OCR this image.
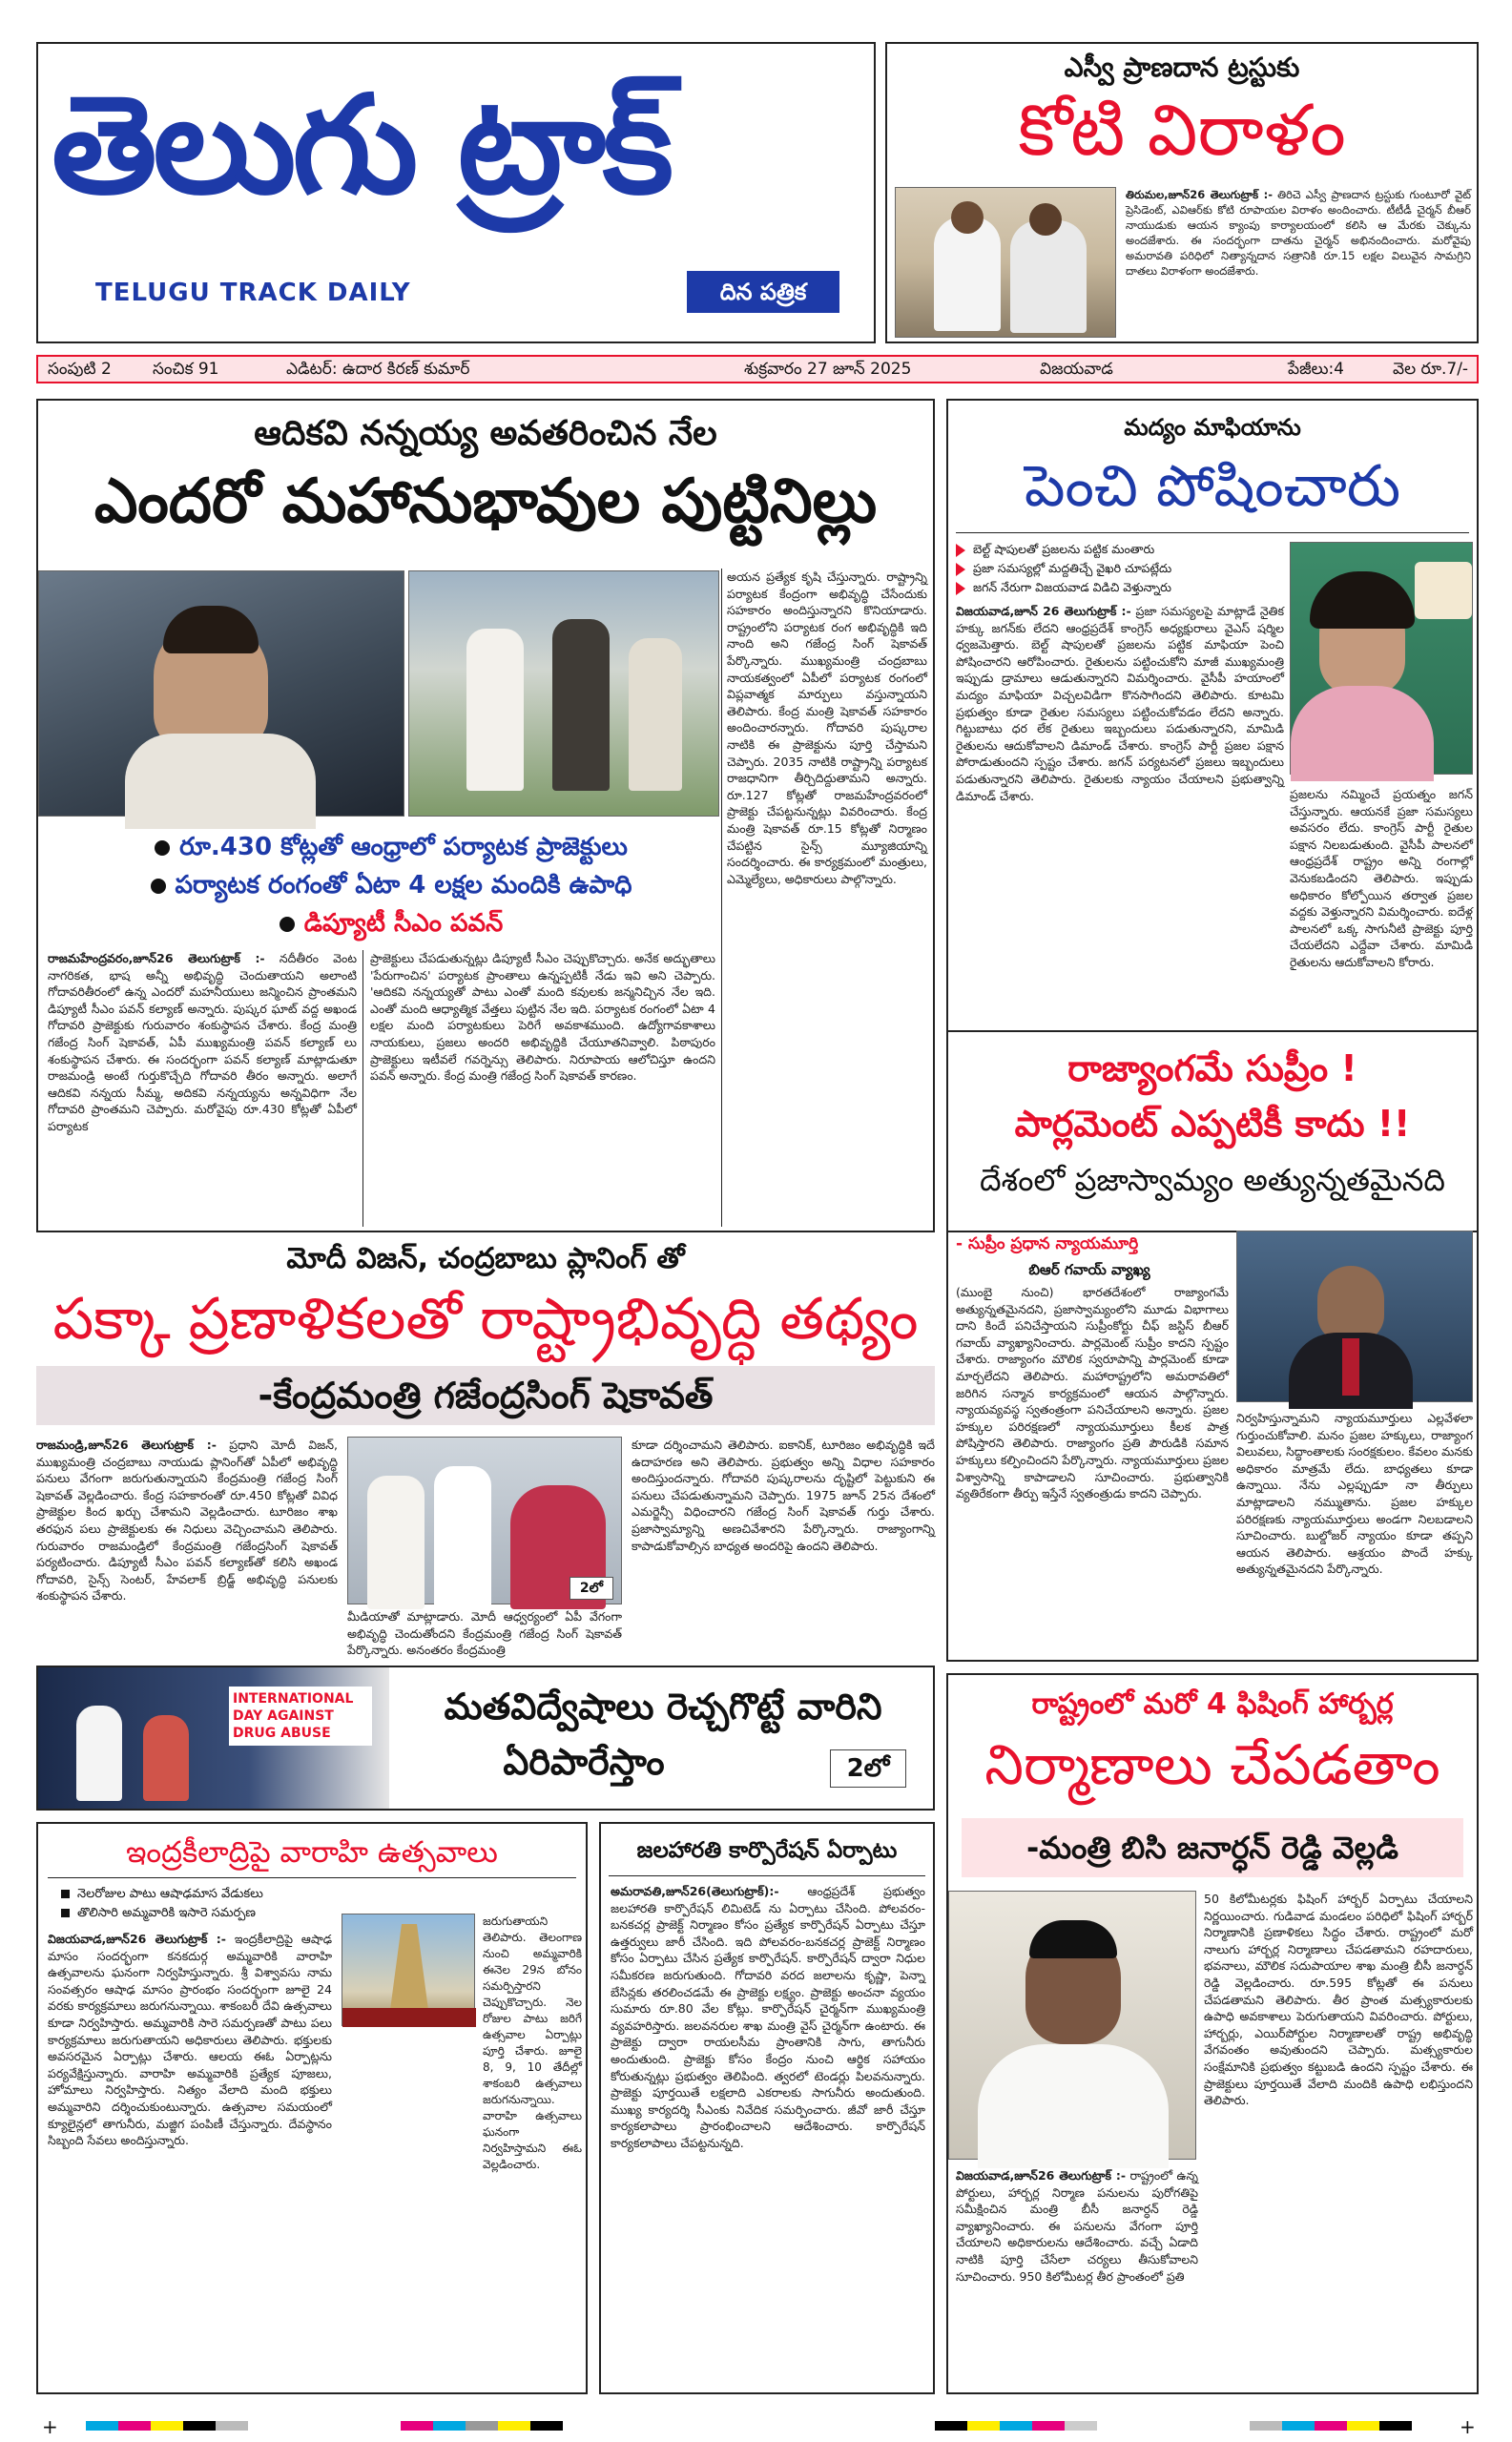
తెలుగు ట్రాక్
TELUGU TRACK DAILY	దిన పత్రిక
ఎస్వీ ప్రాణదాన ట్రస్టుకు
కోటి విరాళం
తిరుమల,జూన్26 తెలుగుట్రాక్ :- తిరిచె ఎస్వీ ప్రాణదాన ట్రస్టుకు గుంటూరో వైట్ ప్రెసిడెంట్, ఎవిఆర్‌కు కోటి రూపాయల విరాళం అందించారు. టీటీడీ చైర్మన్ బీఆర్ నాయుడుకు ఆయన క్యాంపు కార్యాలయంలో కలిసి ఆ మేరకు చెక్కును అందజేశారు. ఈ సందర్భంగా దాతను చైర్మన్ అభినందించారు. మరోవైపు అమరావతి పరిధిలో నిత్యాన్నదాన సత్రానికి రూ.15 లక్షల విలువైన సామగ్రిని దాతలు విరాళంగా అందజేశారు.
సంపుటి 2	సంచిక 91	ఎడిటర్: ఉదార కిరణ్ కుమార్	శుక్రవారం 27 జూన్ 2025	విజయవాడ	పేజీలు:4	వెల రూ.7/-
ఆదికవి నన్నయ్య అవతరించిన నేల
ఎందరో మహానుభావుల పుట్టినిల్లు
రూ.430 కోట్లతో ఆంధ్రాలో పర్యాటక ప్రాజెక్టులు
పర్యాటక రంగంతో ఏటా 4 లక్షల మందికి ఉపాధి
డిప్యూటీ సీఎం పవన్
రాజమహేంద్రవరం,జూన్26 తెలుగుట్రాక్ :- నదీతీరం వెంట నాగరికత, భాష అన్నీ అభివృద్ధి చెందుతాయని అలాంటి గోదావరితీరంలో ఉన్న ఎందరో మహనీయులు జన్మించిన ప్రాంతమని డిప్యూటీ సీఎం పవన్ కల్యాణ్ అన్నారు. పుష్కర ఘాట్ వద్ద అఖండ గోదావరి ప్రాజెక్టుకు గురువారం శంకుస్థాపన చేశారు. కేంద్ర మంత్రి గజేంద్ర సింగ్ షెకావత్, ఏపీ ముఖ్యమంత్రి పవన్ కల్యాణ్ లు శంకుస్థాపన చేశారు. ఈ సందర్భంగా పవన్ కల్యాణ్ మాట్లాడుతూ రాజమండ్రి అంటే గుర్తుకొచ్చేది గోదావరి తీరం అన్నారు. అలాగే ఆదికవి నన్నయ సీమ్మ, అదికవి నన్నయ్యను అన్నవిధిగా నేల గోదావరి ప్రాంతమని చెప్పారు. మరోవైపు రూ.430 కోట్లతో ఏపీలో పర్యాటక
ప్రాజెక్టులు చేపడుతున్నట్లు డిప్యూటీ సీఎం చెప్పుకొచ్చారు. అనేక అద్భుతాలు 'పేరుగాంచిన' పర్యాటక ప్రాంతాలు ఉన్నప్పటికీ నేడు ఇవి అని చెప్పారు. 'ఆదికవి నన్నయ్యతో పాటు ఎంతో మంది కవులకు జన్మనిచ్చిన నేల ఇది. ఎంతో మంది ఆధ్యాత్మిక వేత్తలు పుట్టిన నేల ఇది. పర్యాటక రంగంలో ఏటా 4 లక్షల మంది పర్యాటకులు పెరిగే అవకాశముంది. ఉద్యోగావకాశాలు నాయకులు, ప్రజలు అందరి అభివృద్ధికి చేయూతనివ్వాలి. పిఠాపురం ప్రాజెక్టులు ఇటీవలే గవర్నెన్సు తెలిపారు. నిరూపాయ ఆలోచిస్తూ ఉందని పవన్ అన్నారు. కేంద్ర మంత్రి గజేంద్ర సింగ్ షెకావత్ కారణం.
అయన ప్రత్యేక కృషి చేస్తున్నారు. రాష్ట్రాన్ని పర్యాటక కేంద్రంగా అభివృద్ధి చేసేందుకు సహకారం అందిస్తున్నారని కొనియాడారు. రాష్ట్రంలోని పర్యాటక రంగ అభివృద్ధికి ఇది నాంది అని గజేంద్ర సింగ్ షెకావత్ పేర్కొన్నారు. ముఖ్యమంత్రి చంద్రబాబు నాయకత్వంలో ఏపీలో పర్యాటక రంగంలో విప్లవాత్మక మార్పులు వస్తున్నాయని తెలిపారు. కేంద్ర మంత్రి షెకావత్ సహకారం అందించారన్నారు. గోదావరి పుష్కరాల నాటికి ఈ ప్రాజెక్టును పూర్తి చేస్తామని చెప్పారు. 2035 నాటికి రాష్ట్రాన్ని పర్యాటక రాజధానిగా తీర్చిదిద్దుతామని అన్నారు. రూ.127 కోట్లతో రాజమహేంద్రవరంలో ప్రాజెక్టు చేపట్టనున్నట్లు వివరించారు. కేంద్ర మంత్రి షెకావత్ రూ.15 కోట్లతో నిర్మాణం చేపట్టిన సైన్స్ మ్యూజియాన్ని సందర్శించారు. ఈ కార్యక్రమంలో మంత్రులు, ఎమ్మెల్యేలు, అధికారులు పాల్గొన్నారు.
మోదీ విజన్, చంద్రబాబు ప్లానింగ్ తో
పక్కా ప్రణాళికలతో రాష్ట్రాభివృద్ధి తథ్యం
-కేంద్రమంత్రి గజేంద్రసింగ్ షెకావత్
రాజమండ్రి,జూన్26 తెలుగుట్రాక్ :- ప్రధాని మోదీ విజన్, ముఖ్యమంత్రి చంద్రబాబు నాయుడు ప్లానింగ్‌తో ఏపీలో అభివృద్ధి పనులు వేగంగా జరుగుతున్నాయని కేంద్రమంత్రి గజేంద్ర సింగ్ షెకావత్ వెల్లడించారు. కేంద్ర సహకారంతో రూ.450 కోట్లతో వివిధ ప్రాజెక్టుల కింద ఖర్చు చేశామని వెల్లడించారు. టూరిజం శాఖ తరఫున పలు ప్రాజెక్టులకు ఈ నిధులు వెచ్చించామని తెలిపారు. గురువారం రాజమండ్రిలో కేంద్రమంత్రి గజేంద్రసింగ్ షెకావత్ పర్యటించారు. డిప్యూటీ సీఎం పవన్ కల్యాణ్‌తో కలిసి అఖండ గోదావరి, సైన్స్ సెంటర్, హేవలాక్ బ్రిడ్జ్ అభివృద్ధి పనులకు శంకుస్థాపన చేశారు.	2లో
మీడియాతో మాట్లాడారు. మోదీ ఆధ్వర్యంలో ఏపీ వేగంగా అభివృద్ధి చెందుతోందని కేంద్రమంత్రి గజేంద్ర సింగ్ షెకావత్ పేర్కొన్నారు. అనంతరం కేంద్రమంత్రి
కూడా దర్శించామని తెలిపారు. ఐకానిక్, టూరిజం అభివృద్ధికి ఇదే ఉదాహరణ అని తెలిపారు. ప్రభుత్వం అన్ని విధాల సహకారం అందిస్తుందన్నారు. గోదావరి పుష్కరాలను దృష్టిలో పెట్టుకుని ఈ పనులు చేపడుతున్నామని చెప్పారు. 1975 జూన్ 25న దేశంలో ఎమర్జెన్సీ విధించారని గజేంద్ర సింగ్ షెకావత్ గుర్తు చేశారు. ప్రజాస్వామ్యాన్ని అణచివేశారని పేర్కొన్నారు. రాజ్యాంగాన్ని కాపాడుకోవాల్సిన బాధ్యత అందరిపై ఉందని తెలిపారు.
INTERNATIONAL DAY AGAINST DRUG ABUSE
మతవిద్వేషాలు రెచ్చగొట్టే వారిని
ఏరిపారేస్తాం	2లో
ఇంద్రకీలాద్రిపై వారాహి ఉత్సవాలు
నెలరోజుల పాటు ఆషాఢమాస వేడుకలు
తొలిసారి అమ్మవారికి ఇసారె సమర్పణ
విజయవాడ,జూన్26 తెలుగుట్రాక్ :- ఇంద్రకీలాద్రిపై ఆషాఢ మాసం సందర్భంగా కనకదుర్గ అమ్మవారికి వారాహి ఉత్సవాలను ఘనంగా నిర్వహిస్తున్నారు. శ్రీ విశ్వావసు నామ సంవత్సరం ఆషాఢ మాసం ప్రారంభం సందర్భంగా జూలై 24 వరకు కార్యక్రమాలు జరుగనున్నాయి. శాకంబరీ దేవి ఉత్సవాలు కూడా నిర్వహిస్తారు. అమ్మవారికి సారె సమర్పణతో పాటు పలు కార్యక్రమాలు జరుగుతాయని అధికారులు తెలిపారు. భక్తులకు అవసరమైన ఏర్పాట్లు చేశారు. ఆలయ ఈఓ ఏర్పాట్లను పర్యవేక్షిస్తున్నారు. వారాహి అమ్మవారికి ప్రత్యేక పూజలు, హోమాలు నిర్వహిస్తారు. నిత్యం వేలాది మంది భక్తులు అమ్మవారిని దర్శించుకుంటున్నారు. ఉత్సవాల సమయంలో క్యూలైన్లలో తాగునీరు, మజ్జిగ పంపిణీ చేస్తున్నారు. దేవస్థానం సిబ్బంది సేవలు అందిస్తున్నారు.
జరుగుతాయని తెలిపారు. తెలంగాణ నుంచి అమ్మవారికి ఈనెల 29న బోనం సమర్పిస్తారని చెప్పుకొచ్చారు. నెల రోజుల పాటు జరిగే ఉత్సవాల ఏర్పాట్లు పూర్తి చేశారు. జూలై 8, 9, 10 తేదీల్లో శాకంబరి ఉత్సవాలు జరుగనున్నాయి. వారాహి ఉత్సవాలు ఘనంగా నిర్వహిస్తామని ఈఓ వెల్లడించారు.
జలహారతి కార్పొరేషన్ ఏర్పాటు
అమరావతి,జూన్26(తెలుగుట్రాక్):- ఆంధ్రప్రదేశ్ ప్రభుత్వం జలహారతి కార్పొరేషన్ లిమిటెడ్ ను ఏర్పాటు చేసింది. పోలవరం-బనకచర్ల ప్రాజెక్ట్ నిర్మాణం కోసం ప్రత్యేక కార్పొరేషన్ ఏర్పాటు చేస్తూ ఉత్తర్వులు జారీ చేసింది. ఇది పోలవరం-బనకచర్ల ప్రాజెక్ట్ నిర్మాణం కోసం ఏర్పాటు చేసిన ప్రత్యేక కార్పొరేషన్. కార్పొరేషన్ ద్వారా నిధుల సమీకరణ జరుగుతుంది. గోదావరి వరద జలాలను కృష్ణా, పెన్నా బేసిన్లకు తరలించడమే ఈ ప్రాజెక్టు లక్ష్యం. ప్రాజెక్టు అంచనా వ్యయం సుమారు రూ.80 వేల కోట్లు. కార్పొరేషన్ చైర్మన్‌గా ముఖ్యమంత్రి వ్యవహరిస్తారు. జలవనరుల శాఖ మంత్రి వైస్ చైర్మన్‌గా ఉంటారు. ఈ ప్రాజెక్టు ద్వారా రాయలసీమ ప్రాంతానికి సాగు, తాగునీరు అందుతుంది. ప్రాజెక్టు కోసం కేంద్రం నుంచి ఆర్థిక సహాయం కోరుతున్నట్లు ప్రభుత్వం తెలిపింది. త్వరలో టెండర్లు పిలవనున్నారు. ప్రాజెక్టు పూర్తయితే లక్షలాది ఎకరాలకు సాగునీరు అందుతుంది. ముఖ్య కార్యదర్శి సీఎంకు నివేదిక సమర్పించారు. జీవో జారీ చేస్తూ కార్యకలాపాలు ప్రారంభించాలని ఆదేశించారు. కార్పొరేషన్ కార్యకలాపాలు చేపట్టనున్నది.
మద్యం మాఫియాను
పెంచి పోషించారు
బెల్ట్ షాపులతో ప్రజలను పట్టిక మంతారు
ప్రజా సమస్యల్లో మద్దతిచ్చే వైఖరి చూపట్లేదు
జగన్ నేరుగా విజయవాడ విడిచి వెళ్తున్నారు
విజయవాడ,జూన్ 26 తెలుగుట్రాక్ :- ప్రజా సమస్యలపై మాట్లాడే నైతిక హక్కు జగన్‌కు లేదని ఆంధ్రప్రదేశ్ కాంగ్రెస్ అధ్యక్షురాలు వైఎస్ షర్మిల ధ్వజమెత్తారు. బెల్ట్ షాపులతో ప్రజలను పట్టిక మాఫియా పెంచి పోషించారని ఆరోపించారు. రైతులను పట్టించుకోని మాజీ ముఖ్యమంత్రి ఇప్పుడు డ్రామాలు ఆడుతున్నారని విమర్శించారు. వైసీపీ హయాంలో మద్యం మాఫియా విచ్చలవిడిగా కొనసాగిందని తెలిపారు. కూటమి ప్రభుత్వం కూడా రైతుల సమస్యలు పట్టించుకోవడం లేదని అన్నారు. గిట్టుబాటు ధర లేక రైతులు ఇబ్బందులు పడుతున్నారని, మామిడి రైతులను ఆదుకోవాలని డిమాండ్ చేశారు. కాంగ్రెస్ పార్టీ ప్రజల పక్షాన పోరాడుతుందని స్పష్టం చేశారు. జగన్ పర్యటనలో ప్రజలు ఇబ్బందులు పడుతున్నారని తెలిపారు. రైతులకు న్యాయం చేయాలని ప్రభుత్వాన్ని డిమాండ్ చేశారు.	ప్రజలను నమ్మించే ప్రయత్నం జగన్ చేస్తున్నారు. ఆయనకే ప్రజా సమస్యలు అవసరం లేదు. కాంగ్రెస్ పార్టీ రైతుల పక్షాన నిలబడుతుంది. వైసీపీ పాలనలో ఆంధ్రప్రదేశ్ రాష్ట్రం అన్ని రంగాల్లో వెనుకబడిందని తెలిపారు. ఇప్పుడు అధికారం కోల్పోయిన తర్వాత ప్రజల వద్దకు వెళ్తున్నారని విమర్శించారు. ఐదేళ్ల పాలనలో ఒక్క సాగునీటి ప్రాజెక్టు పూర్తి చేయలేదని ఎద్దేవా చేశారు. మామిడి రైతులను ఆదుకోవాలని కోరారు.
రాజ్యాంగమే సుప్రీం !
పార్లమెంట్ ఎప్పటికీ కాదు !!
దేశంలో ప్రజాస్వామ్యం అత్యున్నతమైనది
- సుప్రీం ప్రధాన న్యాయమూర్తి
బిఆర్ గవాయ్ వ్యాఖ్య
(ముంబై నుంచి) భారతదేశంలో రాజ్యాంగమే అత్యున్నతమైనదని, ప్రజాస్వామ్యంలోని మూడు విభాగాలు దాని కిందే పనిచేస్తాయని సుప్రీంకోర్టు చీఫ్ జస్టిస్ బీఆర్ గవాయ్ వ్యాఖ్యానించారు. పార్లమెంట్ సుప్రీం కాదని స్పష్టం చేశారు. రాజ్యాంగం మౌలిక స్వరూపాన్ని పార్లమెంట్ కూడా మార్చలేదని తెలిపారు. మహారాష్ట్రలోని అమరావతిలో జరిగిన సన్మాన కార్యక్రమంలో ఆయన పాల్గొన్నారు. న్యాయవ్యవస్థ స్వతంత్రంగా పనిచేయాలని అన్నారు. ప్రజల హక్కుల పరిరక్షణలో న్యాయమూర్తులు కీలక పాత్ర పోషిస్తారని తెలిపారు. రాజ్యాంగం ప్రతి పౌరుడికి సమాన హక్కులు కల్పించిందని పేర్కొన్నారు. న్యాయమూర్తులు ప్రజల విశ్వాసాన్ని కాపాడాలని సూచించారు. ప్రభుత్వానికి వ్యతిరేకంగా తీర్పు ఇస్తేనే స్వతంత్రుడు కాదని చెప్పారు.
నిర్వహిస్తున్నామని న్యాయమూర్తులు ఎల్లవేళలా గుర్తుంచుకోవాలి. మనం ప్రజల హక్కులు, రాజ్యాంగ విలువలు, సిద్ధాంతాలకు సంరక్షకులం. కేవలం మనకు అధికారం మాత్రమే లేదు. బాధ్యతలు కూడా ఉన్నాయి. నేను ఎల్లప్పుడూ నా తీర్పులు మాట్లాడాలని నమ్ముతాను. ప్రజల హక్కుల పరిరక్షణకు న్యాయమూర్తులు అండగా నిలబడాలని సూచించారు. బుల్డోజర్ న్యాయం కూడా తప్పని ఆయన తెలిపారు. ఆశ్రయం పొందే హక్కు అత్యున్నతమైనదని పేర్కొన్నారు.
రాష్ట్రంలో మరో 4 ఫిషింగ్ హార్బర్ల
నిర్మాణాలు చేపడతాం
-మంత్రి బిసి జనార్ధన్ రెడ్డి వెల్లడి
50 కిలోమీటర్లకు ఫిషింగ్ హార్బర్ ఏర్పాటు చేయాలని నిర్ణయించారు. గుడివాడ మండలం పరిధిలో ఫిషింగ్ హార్బర్ నిర్మాణానికి ప్రణాళికలు సిద్ధం చేశారు. రాష్ట్రంలో మరో నాలుగు హార్బర్ల నిర్మాణాలు చేపడతామని రహదారులు, భవనాలు, మౌలిక సదుపాయాల శాఖ మంత్రి బీసీ జనార్ధన్ రెడ్డి వెల్లడించారు. రూ.595 కోట్లతో ఈ పనులు చేపడతామని తెలిపారు. తీర ప్రాంత మత్స్యకారులకు ఉపాధి అవకాశాలు పెరుగుతాయని వివరించారు. పోర్టులు, హార్బర్లు, ఎయిర్‌పోర్టుల నిర్మాణాలతో రాష్ట్ర అభివృద్ధి వేగవంతం అవుతుందని చెప్పారు. మత్స్యకారుల సంక్షేమానికి ప్రభుత్వం కట్టుబడి ఉందని స్పష్టం చేశారు. ఈ ప్రాజెక్టులు పూర్తయితే వేలాది మందికి ఉపాధి లభిస్తుందని తెలిపారు.
విజయవాడ,జూన్26 తెలుగుట్రాక్ :- రాష్ట్రంలో ఉన్న పోర్టులు, హార్బర్ల నిర్మాణ పనులను పురోగతిపై సమీక్షించిన మంత్రి బీసీ జనార్ధన్ రెడ్డి వ్యాఖ్యానించారు. ఈ పనులను వేగంగా పూర్తి చేయాలని అధికారులను ఆదేశించారు. వచ్చే ఏడాది నాటికి పూర్తి చేసేలా చర్యలు తీసుకోవాలని సూచించారు. 950 కిలోమీటర్ల తీర ప్రాంతంలో ప్రతి
+	+
